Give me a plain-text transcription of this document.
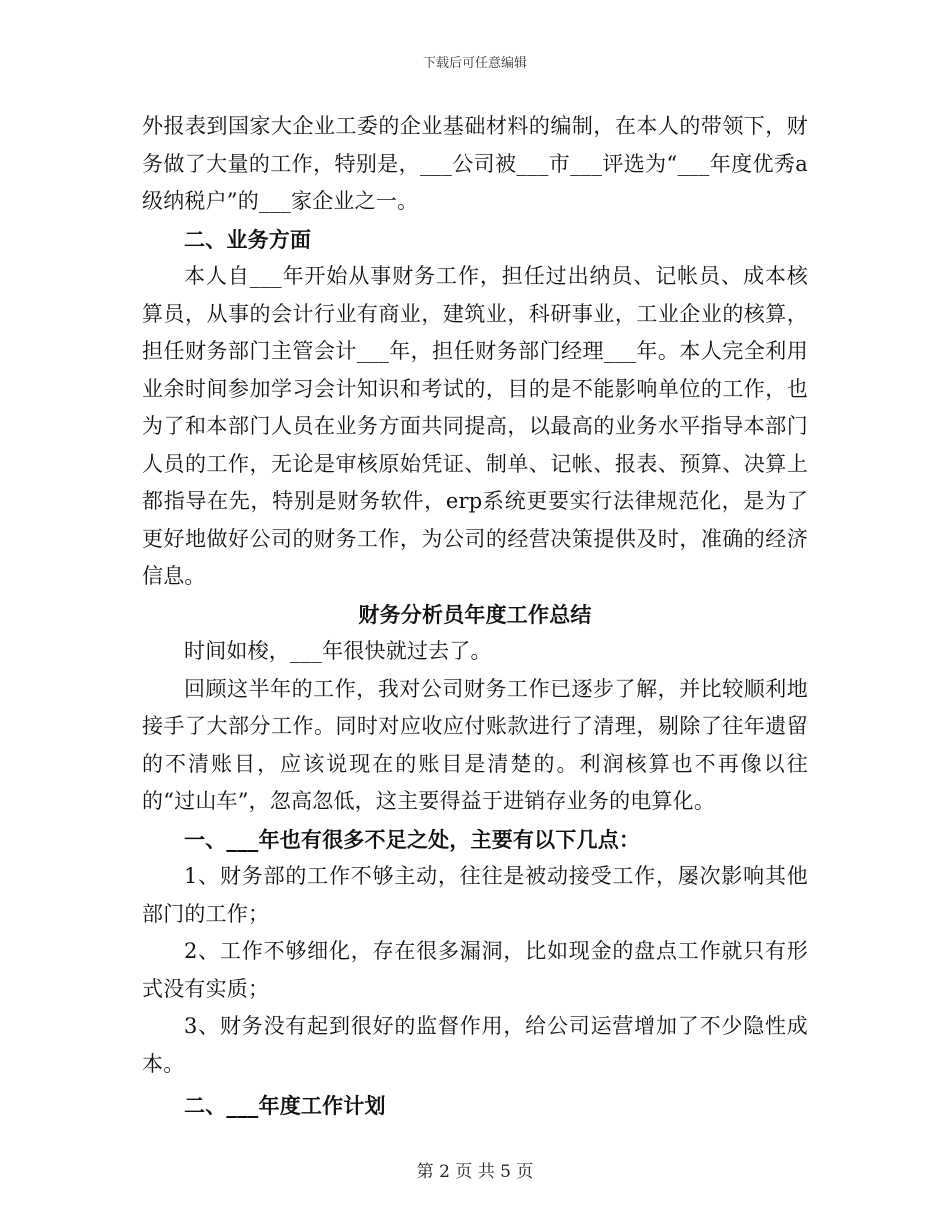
下载后可任意编辑

外报表到国家大企业工委的企业基础材料的编制，在本人的带领下，财务做了大量的工作，特别是，___公司被___市___评选为“___年度优秀a级纳税户”的___家企业之一。

二、业务方面

本人自___年开始从事财务工作，担任过出纳员、记帐员、成本核算员，从事的会计行业有商业，建筑业，科研事业，工业企业的核算，担任财务部门主管会计___年，担任财务部门经理___年。本人完全利用业余时间参加学习会计知识和考试的，目的是不能影响单位的工作，也为了和本部门人员在业务方面共同提高，以最高的业务水平指导本部门人员的工作，无论是审核原始凭证、制单、记帐、报表、预算、决算上都指导在先，特别是财务软件，erp系统更要实行法律规范化，是为了更好地做好公司的财务工作，为公司的经营决策提供及时，准确的经济信息。

财务分析员年度工作总结

时间如梭，___年很快就过去了。

回顾这半年的工作，我对公司财务工作已逐步了解，并比较顺利地接手了大部分工作。同时对应收应付账款进行了清理，剔除了往年遗留的不清账目，应该说现在的账目是清楚的。利润核算也不再像以往的“过山车”，忽高忽低，这主要得益于进销存业务的电算化。

一、___年也有很多不足之处，主要有以下几点：

1、财务部的工作不够主动，往往是被动接受工作，屡次影响其他部门的工作；

2、工作不够细化，存在很多漏洞，比如现金的盘点工作就只有形式没有实质；

3、财务没有起到很好的监督作用，给公司运营增加了不少隐性成本。

二、___年度工作计划

第 2 页 共 5 页
